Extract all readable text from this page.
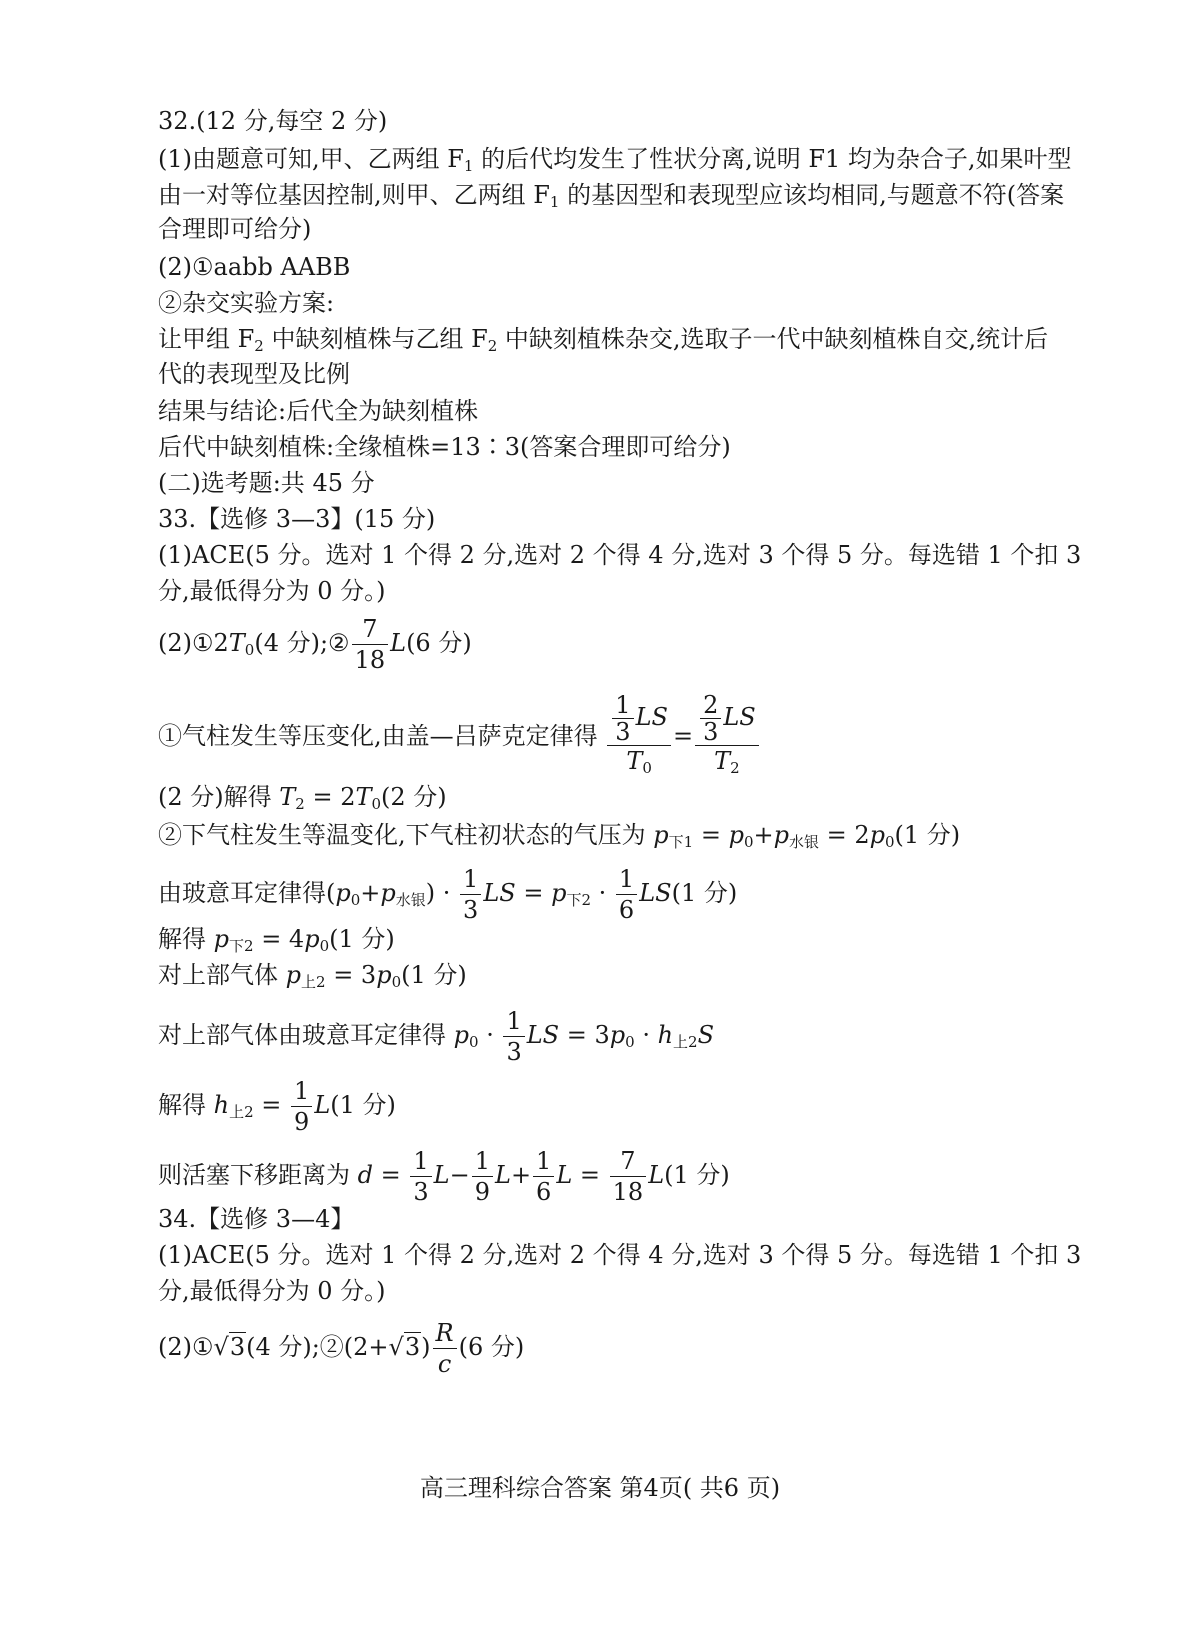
32.(12 分,每空 2 分)
(1)由题意可知,甲、乙两组 $F_1$ 的后代均发生了性状分离,说明 F1 均为杂合子,如果叶型
由一对等位基因控制,则甲、乙两组 $F_1$ 的基因型和表现型应该均相同,与题意不符(答案
合理即可给分)
(2)①aabb AABB
②杂交实验方案:
让甲组 $F_2$ 中缺刻植株与乙组 $F_2$ 中缺刻植株杂交,选取子一代中缺刻植株自交,统计后
代的表现型及比例
结果与结论:后代全为缺刻植株
后代中缺刻植株:全缘植株=13∶3(答案合理即可给分)
(二)选考题:共 45 分
33.【选修 3—3】(15 分)
(1)ACE(5 分。选对 1 个得 2 分,选对 2 个得 4 分,选对 3 个得 5 分。每选错 1 个扣 3
分,最低得分为 0 分。)
$(2)①2T_0(4$ 分);② $\frac{7}{18} L(6$ 分)
①气柱发生等压变化,由盖—吕萨克定律得 $\frac{\frac{1}{3} LS}{T_0} = \frac{\frac{2}{3} LS}{T_2}$
(2 分)解得 $T_2 = 2T_0(2$ 分)
②下气柱发生等温变化,下气柱初状态的气压为 $p_{下1} = p_0+p_{水银} = 2p_0(1$ 分)
由玻意耳定律得$(p_0+p_{水银}) \cdot \frac{1}{3}$ LS = $p_{下2} \cdot \frac{1}{6} LS(1$ 分)
解得 $p_{下2} = 4p_0(1$ 分)
对上部气体 $p_{上2} = 3p_0(1$ 分)
对上部气体由玻意耳定律得 $p_0 \cdot \frac{1}{3}$ LS = $3p_0 \cdot h_{上2}S$
解得 $h_{上2} = \frac{1}{9} L(1$ 分)
则活塞下移距离为 $d = \frac{1}{3} L- \frac{1}{9} L+ \frac{1}{6}$ $L = \frac{7}{18} L(1$ 分)
34.【选修 3—4】
(1)ACE(5 分。选对 1 个得 2 分,选对 2 个得 4 分,选对 3 个得 5 分。每选错 1 个扣 3
分,最低得分为 0 分。)
(2)①√3(4 分);②(2+√3) $\frac{R}{c} (6$ 分)
高三理科综合答案 第4页( 共6 页)
